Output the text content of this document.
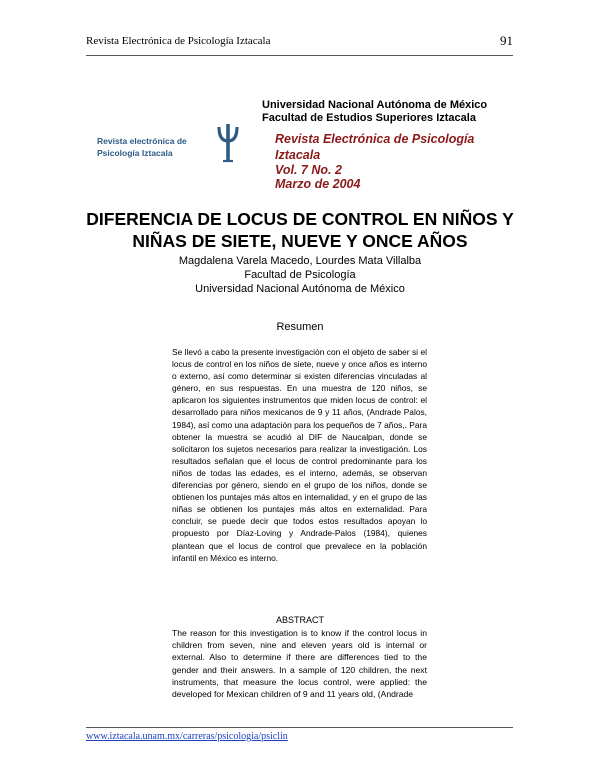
Revista Electrónica de Psicología Iztacala	91
Universidad Nacional Autónoma de México
Facultad de Estudios Superiores Iztacala
Revista electrónica de
Psicología Iztacala
Revista Electrónica de Psicología
Iztacala
Vol. 7 No. 2
Marzo de 2004
DIFERENCIA DE LOCUS DE CONTROL EN NIÑOS Y
NIÑAS DE SIETE, NUEVE Y ONCE AÑOS
Magdalena Varela Macedo, Lourdes Mata Villalba
Facultad de Psicología
Universidad Nacional Autónoma de México
Resumen
Se llevó a cabo la presente investigación con el objeto de saber si el locus de control en los niños de siete, nueve y once años es interno o externo, así como determinar si existen diferencias vinculadas al género, en sus respuestas. En una muestra de 120 niños, se aplicaron los siguientes instrumentos que miden locus de control: el desarrollado para niños mexicanos de 9 y 11 años, (Andrade Palos, 1984), así como una adaptación para los pequeños de 7 años,. Para obtener la muestra se acudió al DIF de Naucalpan, donde se solicitaron los sujetos necesarios para realizar la investigación. Los resultados señalan que el locus de control predominante para los niños de todas las edades, es el interno, además, se observan diferencias por género, siendo en el grupo de los niños, donde se obtienen los puntajes más altos en internalidad, y en el grupo de las niñas se obtienen los puntajes más altos en externalidad. Para concluir, se puede decir que todos estos resultados apoyan lo propuesto por Díaz-Loving y Andrade-Palos (1984), quienes plantean que el locus de control que prevalece en la población infantil en México es interno.
ABSTRACT
The reason for this investigation is to know if the control locus in children from seven, nine and eleven years old is internal or external. Also to determine if there are differences tied to the gender and their answers. In a sample of 120 children, the next instruments, that measure the locus control, were applied: the developed for Mexican children of 9 and 11 years old, (Andrade
www.iztacala.unam.mx/carreras/psicologia/psiclin
